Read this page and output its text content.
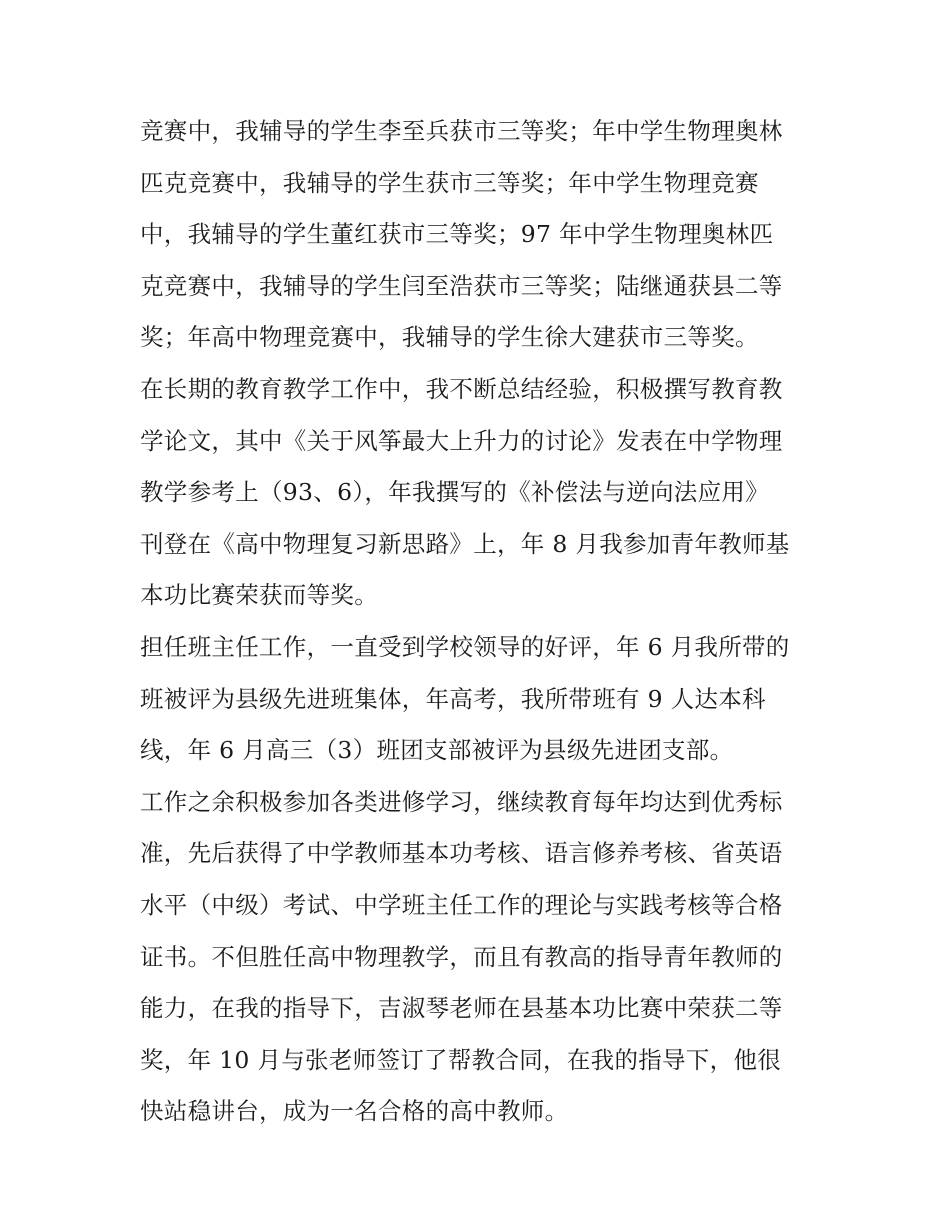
竞赛中，我辅导的学生李至兵获市三等奖；年中学生物理奥林
匹克竞赛中，我辅导的学生获市三等奖；年中学生物理竞赛
中，我辅导的学生董红获市三等奖；97 年中学生物理奥林匹
克竞赛中，我辅导的学生闫至浩获市三等奖；陆继通获县二等
奖；年高中物理竞赛中，我辅导的学生徐大建获市三等奖。
在长期的教育教学工作中，我不断总结经验，积极撰写教育教
学论文，其中《关于风筝最大上升力的讨论》发表在中学物理
教学参考上（93、6），年我撰写的《补偿法与逆向法应用》
刊登在《高中物理复习新思路》上，年 8 月我参加青年教师基
本功比赛荣获而等奖。
担任班主任工作，一直受到学校领导的好评，年 6 月我所带的
班被评为县级先进班集体，年高考，我所带班有 9 人达本科
线，年 6 月高三（3）班团支部被评为县级先进团支部。
工作之余积极参加各类进修学习，继续教育每年均达到优秀标
准，先后获得了中学教师基本功考核、语言修养考核、省英语
水平（中级）考试、中学班主任工作的理论与实践考核等合格
证书。不但胜任高中物理教学，而且有教高的指导青年教师的
能力，在我的指导下，吉淑琴老师在县基本功比赛中荣获二等
奖，年 10 月与张老师签订了帮教合同，在我的指导下，他很
快站稳讲台，成为一名合格的高中教师。
